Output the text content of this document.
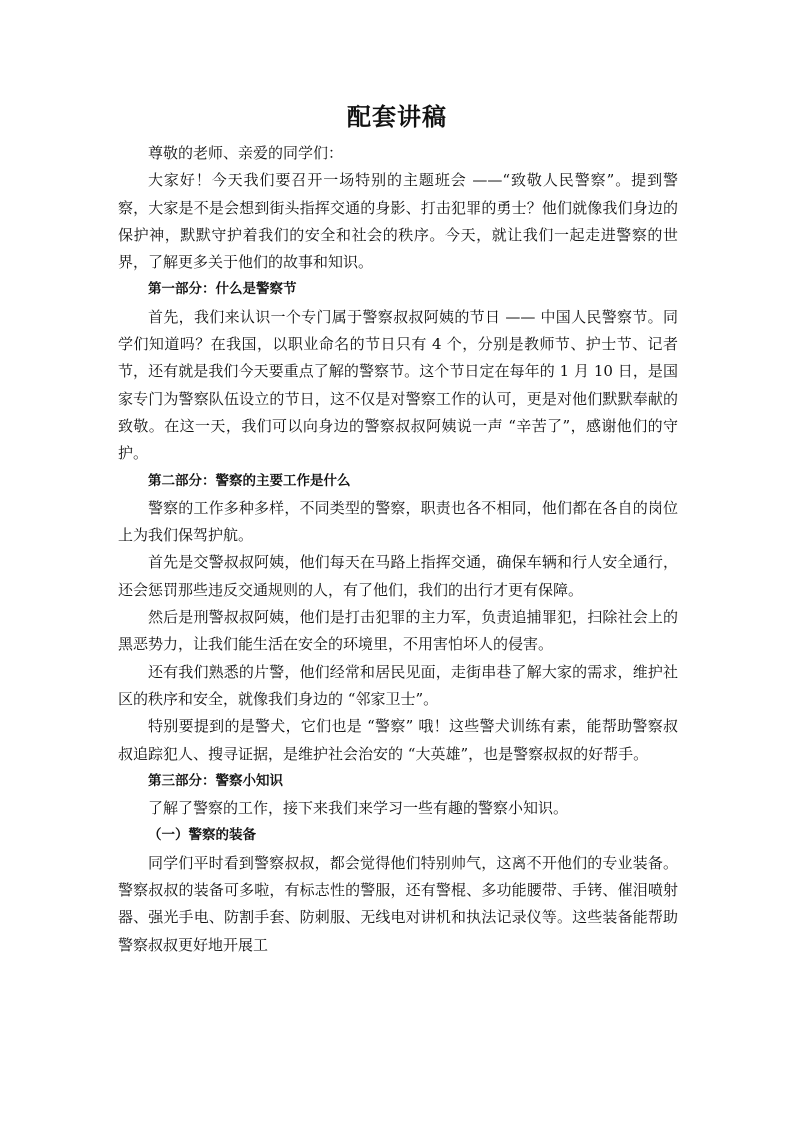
配套讲稿

尊敬的老师、亲爱的同学们：

大家好！今天我们要召开一场特别的主题班会 ——“致敬人民警察”。提到警察，大家是不是会想到街头指挥交通的身影、打击犯罪的勇士？他们就像我们身边的保护神，默默守护着我们的安全和社会的秩序。今天，就让我们一起走进警察的世界，了解更多关于他们的故事和知识。

第一部分：什么是警察节

首先，我们来认识一个专门属于警察叔叔阿姨的节日 —— 中国人民警察节。同学们知道吗？在我国，以职业命名的节日只有 4 个，分别是教师节、护士节、记者节，还有就是我们今天要重点了解的警察节。这个节日定在每年的 1 月 10 日，是国家专门为警察队伍设立的节日，这不仅是对警察工作的认可，更是对他们默默奉献的致敬。在这一天，我们可以向身边的警察叔叔阿姨说一声 “辛苦了”，感谢他们的守护。

第二部分：警察的主要工作是什么

警察的工作多种多样，不同类型的警察，职责也各不相同，他们都在各自的岗位上为我们保驾护航。

首先是交警叔叔阿姨，他们每天在马路上指挥交通，确保车辆和行人安全通行，还会惩罚那些违反交通规则的人，有了他们，我们的出行才更有保障。

然后是刑警叔叔阿姨，他们是打击犯罪的主力军，负责追捕罪犯，扫除社会上的黑恶势力，让我们能生活在安全的环境里，不用害怕坏人的侵害。

还有我们熟悉的片警，他们经常和居民见面，走街串巷了解大家的需求，维护社区的秩序和安全，就像我们身边的 “邻家卫士”。

特别要提到的是警犬，它们也是 “警察” 哦！这些警犬训练有素，能帮助警察叔叔追踪犯人、搜寻证据，是维护社会治安的 “大英雄”，也是警察叔叔的好帮手。

第三部分：警察小知识

了解了警察的工作，接下来我们来学习一些有趣的警察小知识。

（一）警察的装备

同学们平时看到警察叔叔，都会觉得他们特别帅气，这离不开他们的专业装备。警察叔叔的装备可多啦，有标志性的警服，还有警棍、多功能腰带、手铐、催泪喷射器、强光手电、防割手套、防刺服、无线电对讲机和执法记录仪等。这些装备能帮助警察叔叔更好地开展工
